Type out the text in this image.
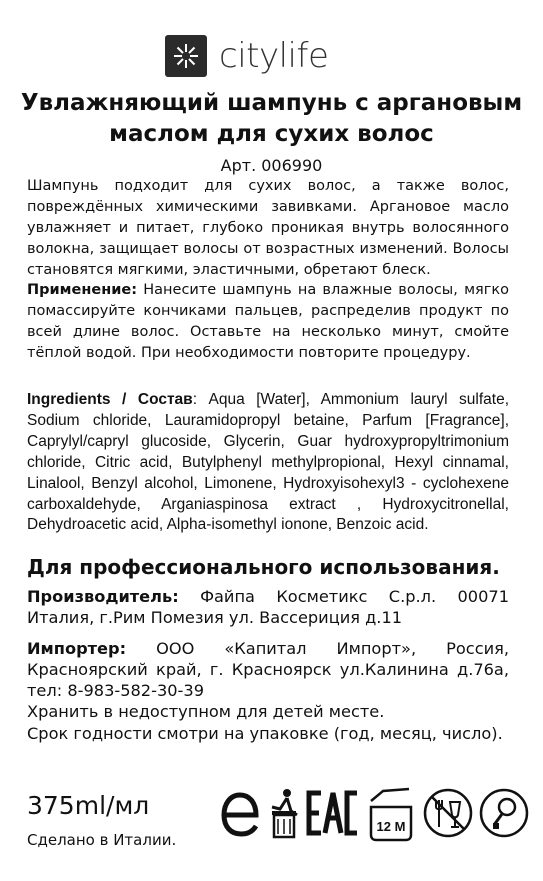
citylife
Увлажняющий шампунь с аргановым маслом для сухих волос
Арт. 006990
Шампунь подходит для сухих волос, а также волос, повреждённых химическими завивками. Аргановое масло увлажняет и питает, глубоко проникая внутрь волосянного волокна, защищает волосы от возрастных изменений. Волосы становятся мягкими, эластичными, обретают блеск.
Применение: Нанесите шампунь на влажные волосы, мягко помассируйте кончиками пальцев, распределив продукт по всей длине волос. Оставьте на несколько минут, смойте тёплой водой. При необходимости повторите процедуру.
Ingredients / Состав: Aqua [Water], Ammonium lauryl sulfate, Sodium chloride, Lauramidopropyl betaine, Parfum [Fragrance], Caprylyl/capryl glucoside, Glycerin, Guar hydroxypropyltrimonium chloride, Citric acid, Butylphenyl methylpropional, Hexyl cinnamal, Linalool, Benzyl alcohol, Limonene, Hydroxyisohexyl3 - cyclohexene carboxaldehyde, Arganiaspinosa extract , Hydroxycitronellal, Dehydroacetic acid, Alpha-isomethyl ionone, Benzoic acid.
Для профессионального использования.
Производитель: Файпа Косметикс С.р.л. 00071 Италия, г.Рим Помезия ул. Вассериция д.11
Импортер: ООО «Капитал Импорт», Россия, Красноярский край, г. Красноярск ул.Калинина д.76а, тел: 8-983-582-30-39
Хранить в недоступном для детей месте.
Срок годности смотри на упаковке (год, месяц, число).
375ml/мл
Сделано в Италии.
12 M
